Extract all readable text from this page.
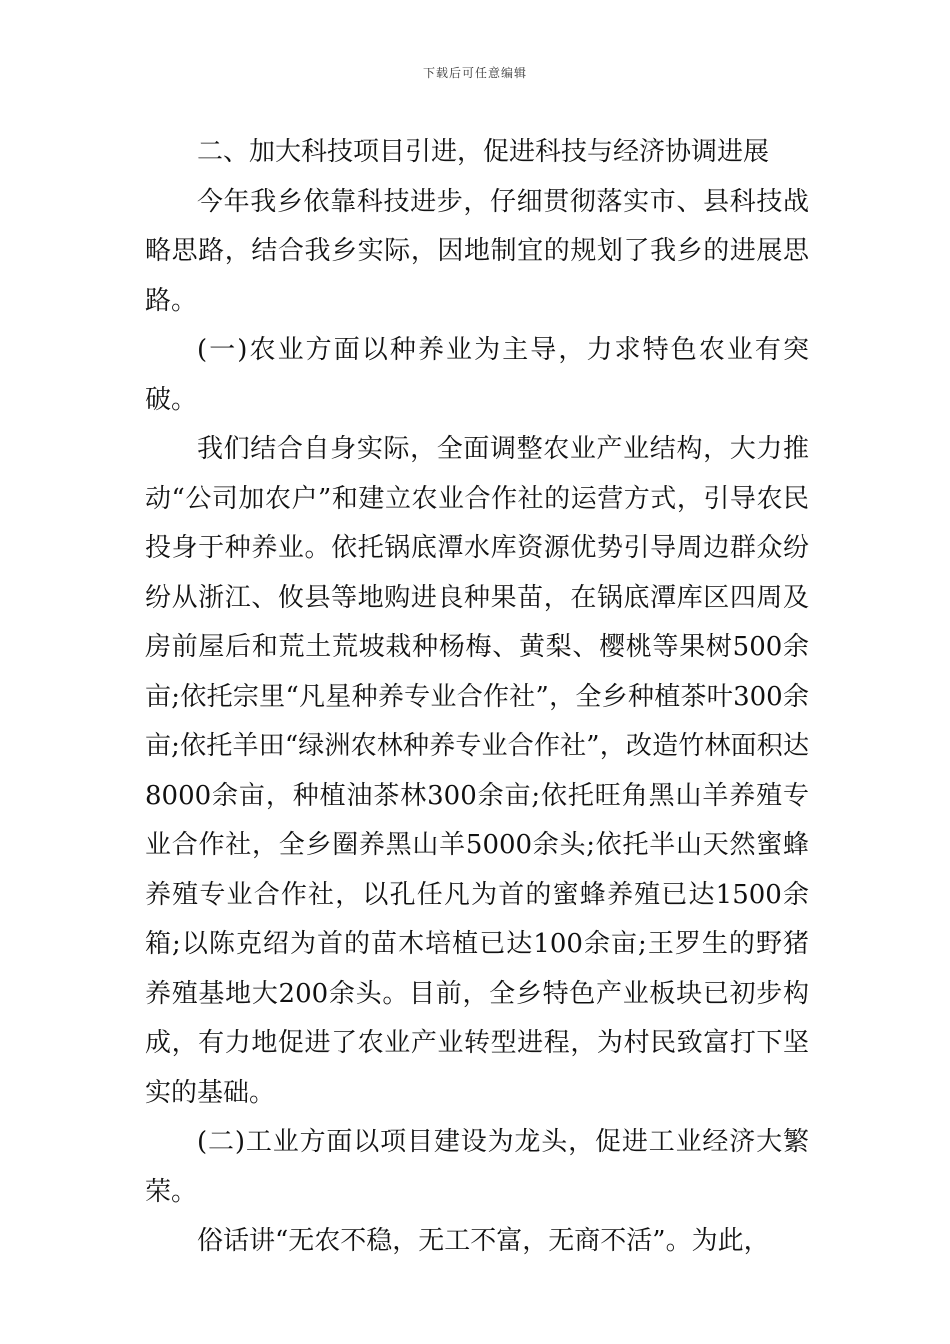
下载后可任意编辑

二、加大科技项目引进，促进科技与经济协调进展

今年我乡依靠科技进步，仔细贯彻落实市、县科技战略思路，结合我乡实际，因地制宜的规划了我乡的进展思路。

(一)农业方面以种养业为主导，力求特色农业有突破。

我们结合自身实际，全面调整农业产业结构，大力推动“公司加农户”和建立农业合作社的运营方式，引导农民投身于种养业。依托锅底潭水库资源优势引导周边群众纷纷从浙江、攸县等地购进良种果苗，在锅底潭库区四周及房前屋后和荒土荒坡栽种杨梅、黄梨、樱桃等果树500余亩;依托宗里“凡星种养专业合作社”，全乡种植茶叶300余亩;依托羊田“绿洲农林种养专业合作社”，改造竹林面积达8000余亩，种植油茶林300余亩;依托旺角黑山羊养殖专业合作社，全乡圈养黑山羊5000余头;依托半山天然蜜蜂养殖专业合作社，以孔任凡为首的蜜蜂养殖已达1500余箱;以陈克绍为首的苗木培植已达100余亩;王罗生的野猪养殖基地大200余头。目前，全乡特色产业板块已初步构成，有力地促进了农业产业转型进程，为村民致富打下坚实的基础。

(二)工业方面以项目建设为龙头，促进工业经济大繁荣。

俗话讲“无农不稳，无工不富，无商不活”。为此，
